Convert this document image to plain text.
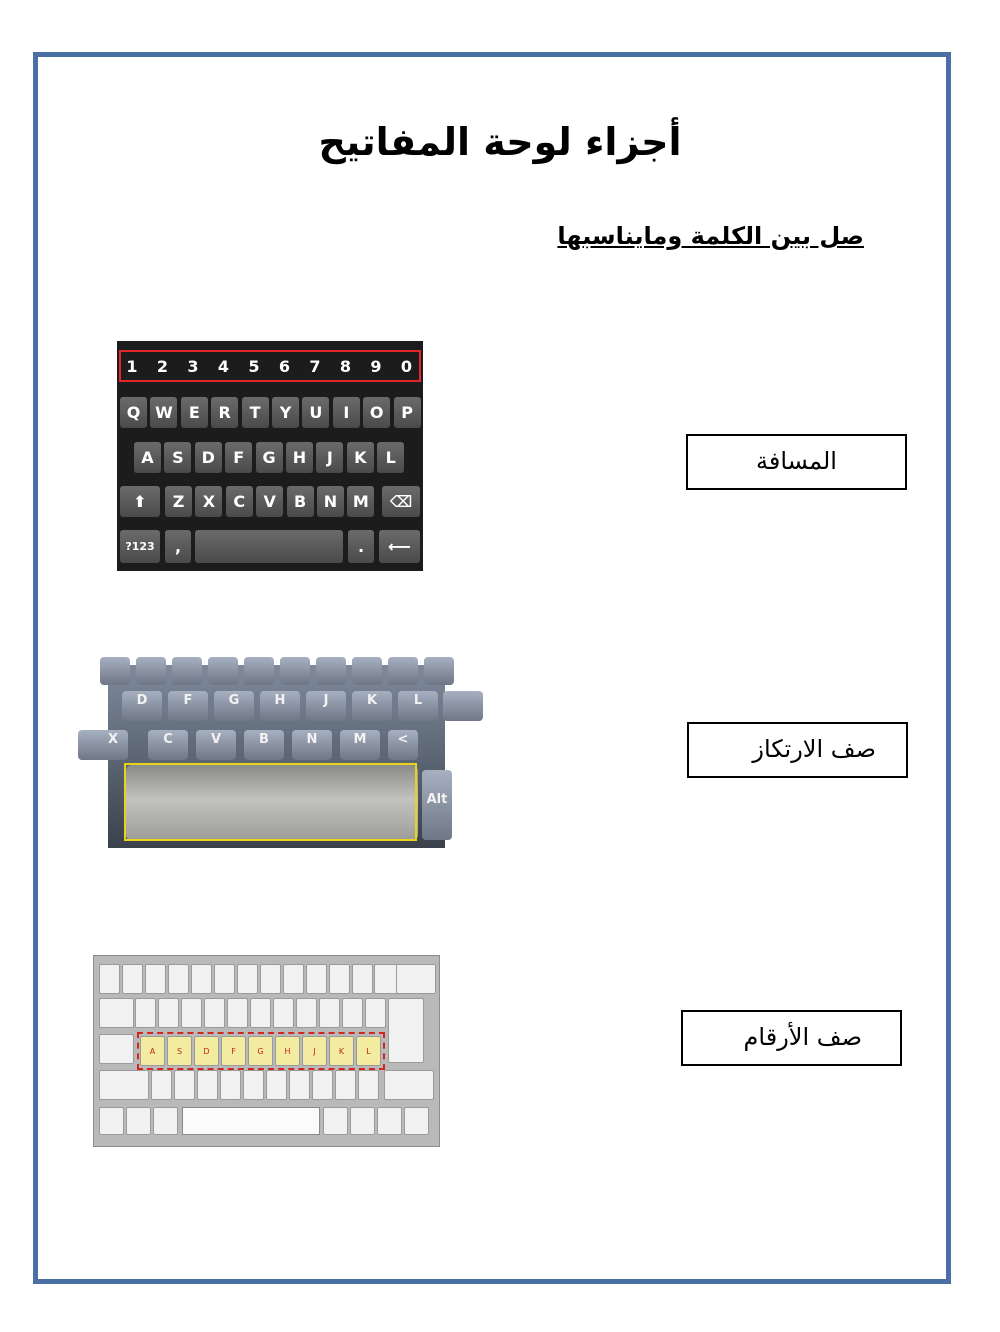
أجزاء لوحة المفاتيح
صل بين الكلمة ومايناسبها
Q W	E	R	T	Y	U	I	O	P
A	S	D	F	G	H	J	K	L
⬆	Z	X	C	V	B	N M	⌫
?123	,	.	⟵
1	2	3	4	5	6	7	8	9	0
D	F	G	H	J	K	L
X	C	V	B	N	M	<
Alt
A	S	D	F	G	H	J	K	L
المسافة
صف الارتكاز
صف الأرقام
